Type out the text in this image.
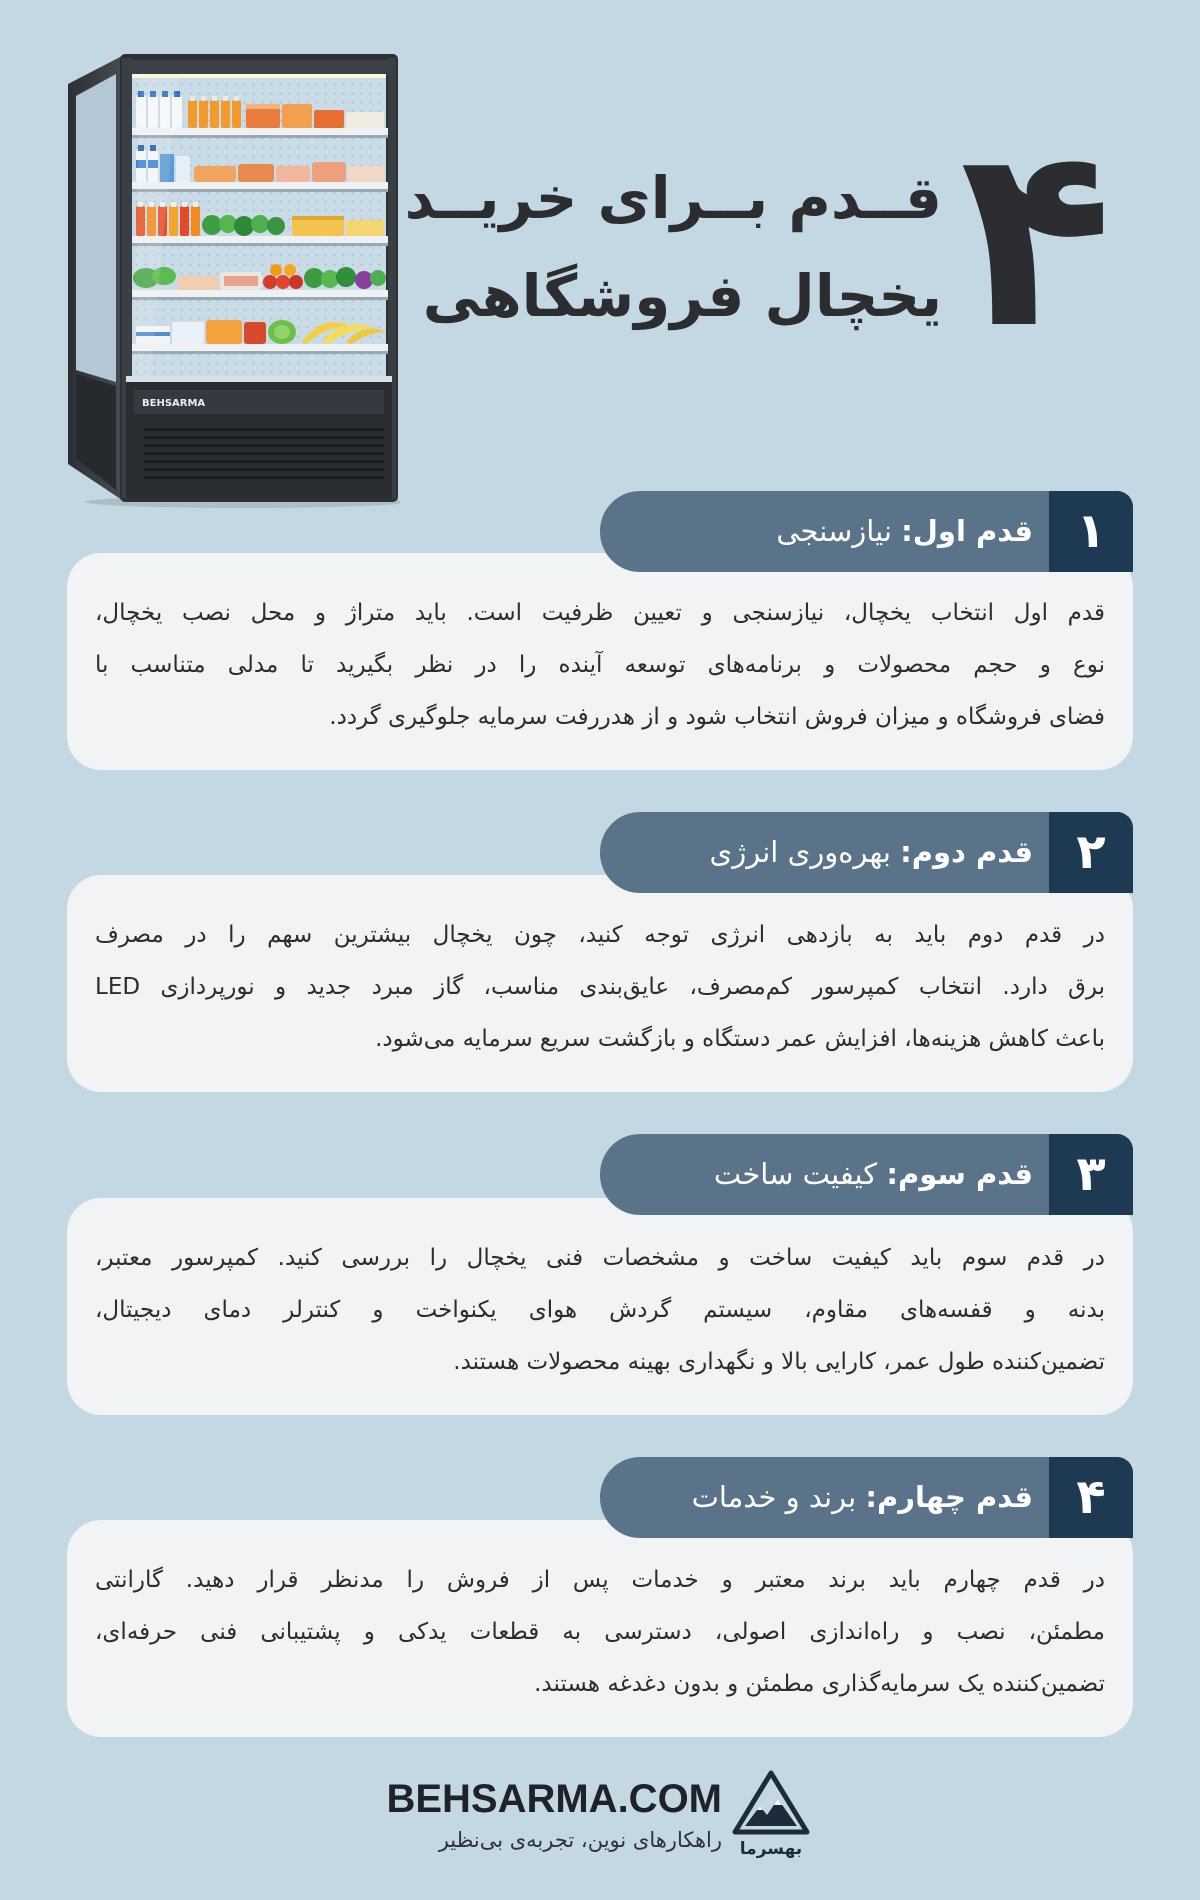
BEHSARMA
۴
قــدم بــرای خریــد
یخچال فروشگاهی
قدم اول: نیازسنجی	۱
قدم اول انتخاب یخچال، نیازسنجی و تعیین ظرفیت است. باید متراژ و محل نصب یخچال،
نوع و حجم محصولات و برنامه‌های توسعه آینده را در نظر بگیرید تا مدلی متناسب با
فضای فروشگاه و میزان فروش انتخاب شود و از هدررفت سرمایه جلوگیری گردد.
قدم دوم: بهره‌وری انرژی	۲
در قدم دوم باید به بازدهی انرژی توجه کنید، چون یخچال بیشترین سهم را در مصرف
برق دارد. انتخاب کمپرسور کم‌مصرف، عایق‌بندی مناسب، گاز مبرد جدید و نورپردازی LED
باعث کاهش هزینه‌ها، افزایش عمر دستگاه و بازگشت سریع سرمایه می‌شود.
قدم سوم: کیفیت ساخت	۳
در قدم سوم باید کیفیت ساخت و مشخصات فنی یخچال را بررسی کنید. کمپرسور معتبر،
بدنه و قفسه‌های مقاوم، سیستم گردش هوای یکنواخت و کنترلر دمای دیجیتال،
تضمین‌کننده طول عمر، کارایی بالا و نگهداری بهینه محصولات هستند.
قدم چهارم: برند و خدمات	۴
در قدم چهارم باید برند معتبر و خدمات پس از فروش را مدنظر قرار دهید. گارانتی
مطمئن، نصب و راه‌اندازی اصولی، دسترسی به قطعات یدکی و پشتیبانی فنی حرفه‌ای،
تضمین‌کننده یک سرمایه‌گذاری مطمئن و بدون دغدغه هستند.
BEHSARMA.COM
راهکارهای نوین، تجربه‌ی بی‌نظیر بهسرما
